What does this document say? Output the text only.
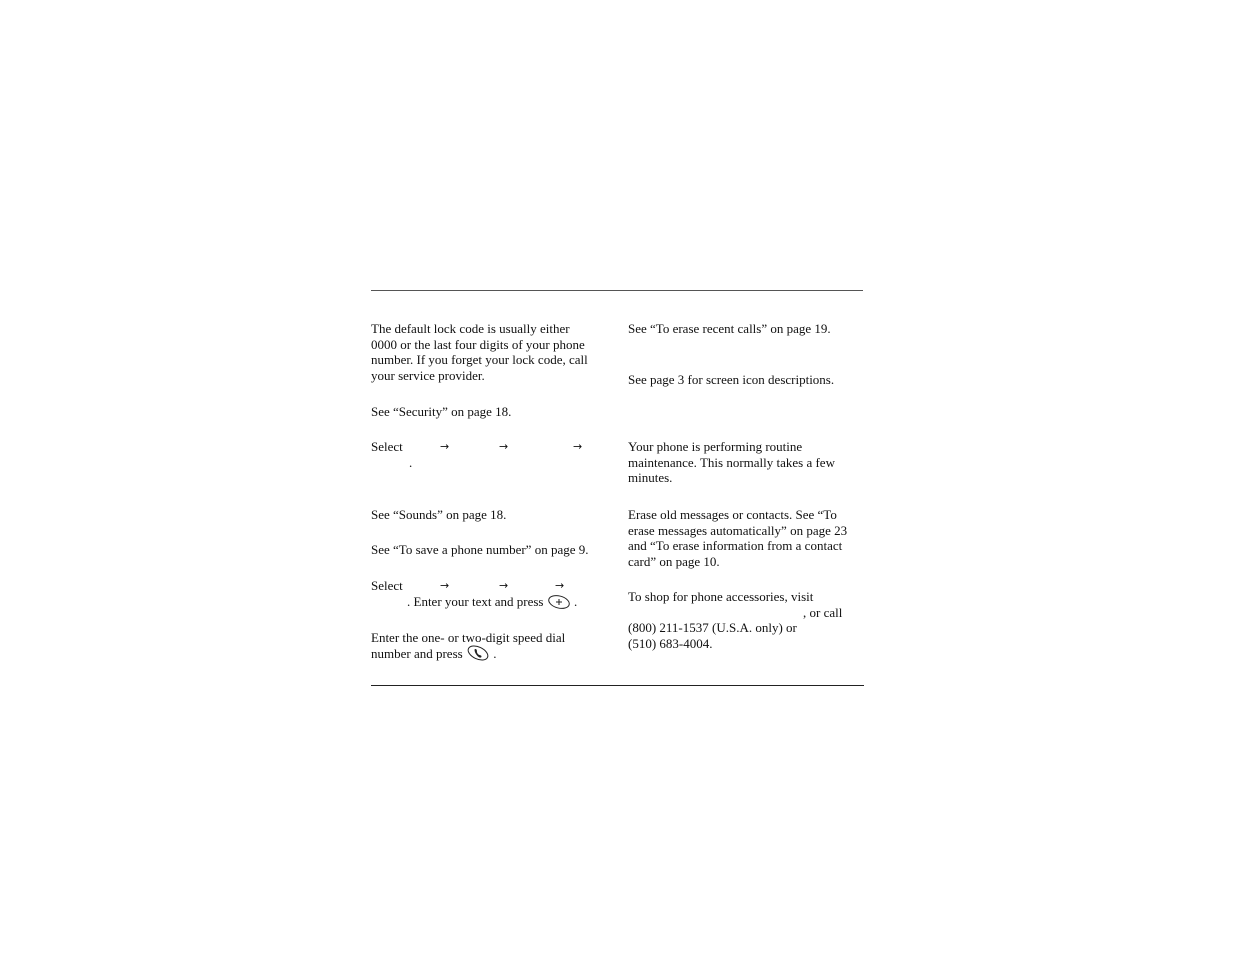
The default lock code is usually either
0000 or the last four digits of your phone
number. If you forget your lock code, call
your service provider.

See “Security” on page 18.

Select	→	→	→

.

See “Sounds” on page 18.

See “To save a phone number” on page 9.

Select	→	→	→

. Enter your text and press .

Enter the one- or two-digit speed dial
number and press .

See “To erase recent calls” on page 19.

See page 3 for screen icon descriptions.

Your phone is performing routine
maintenance. This normally takes a few
minutes.

Erase old messages or contacts. See “To
erase messages automatically” on page 23
and “To erase information from a contact
card” on page 10.

To shop for phone accessories, visit
, or call
(800) 211-1537 (U.S.A. only) or
(510) 683-4004.
